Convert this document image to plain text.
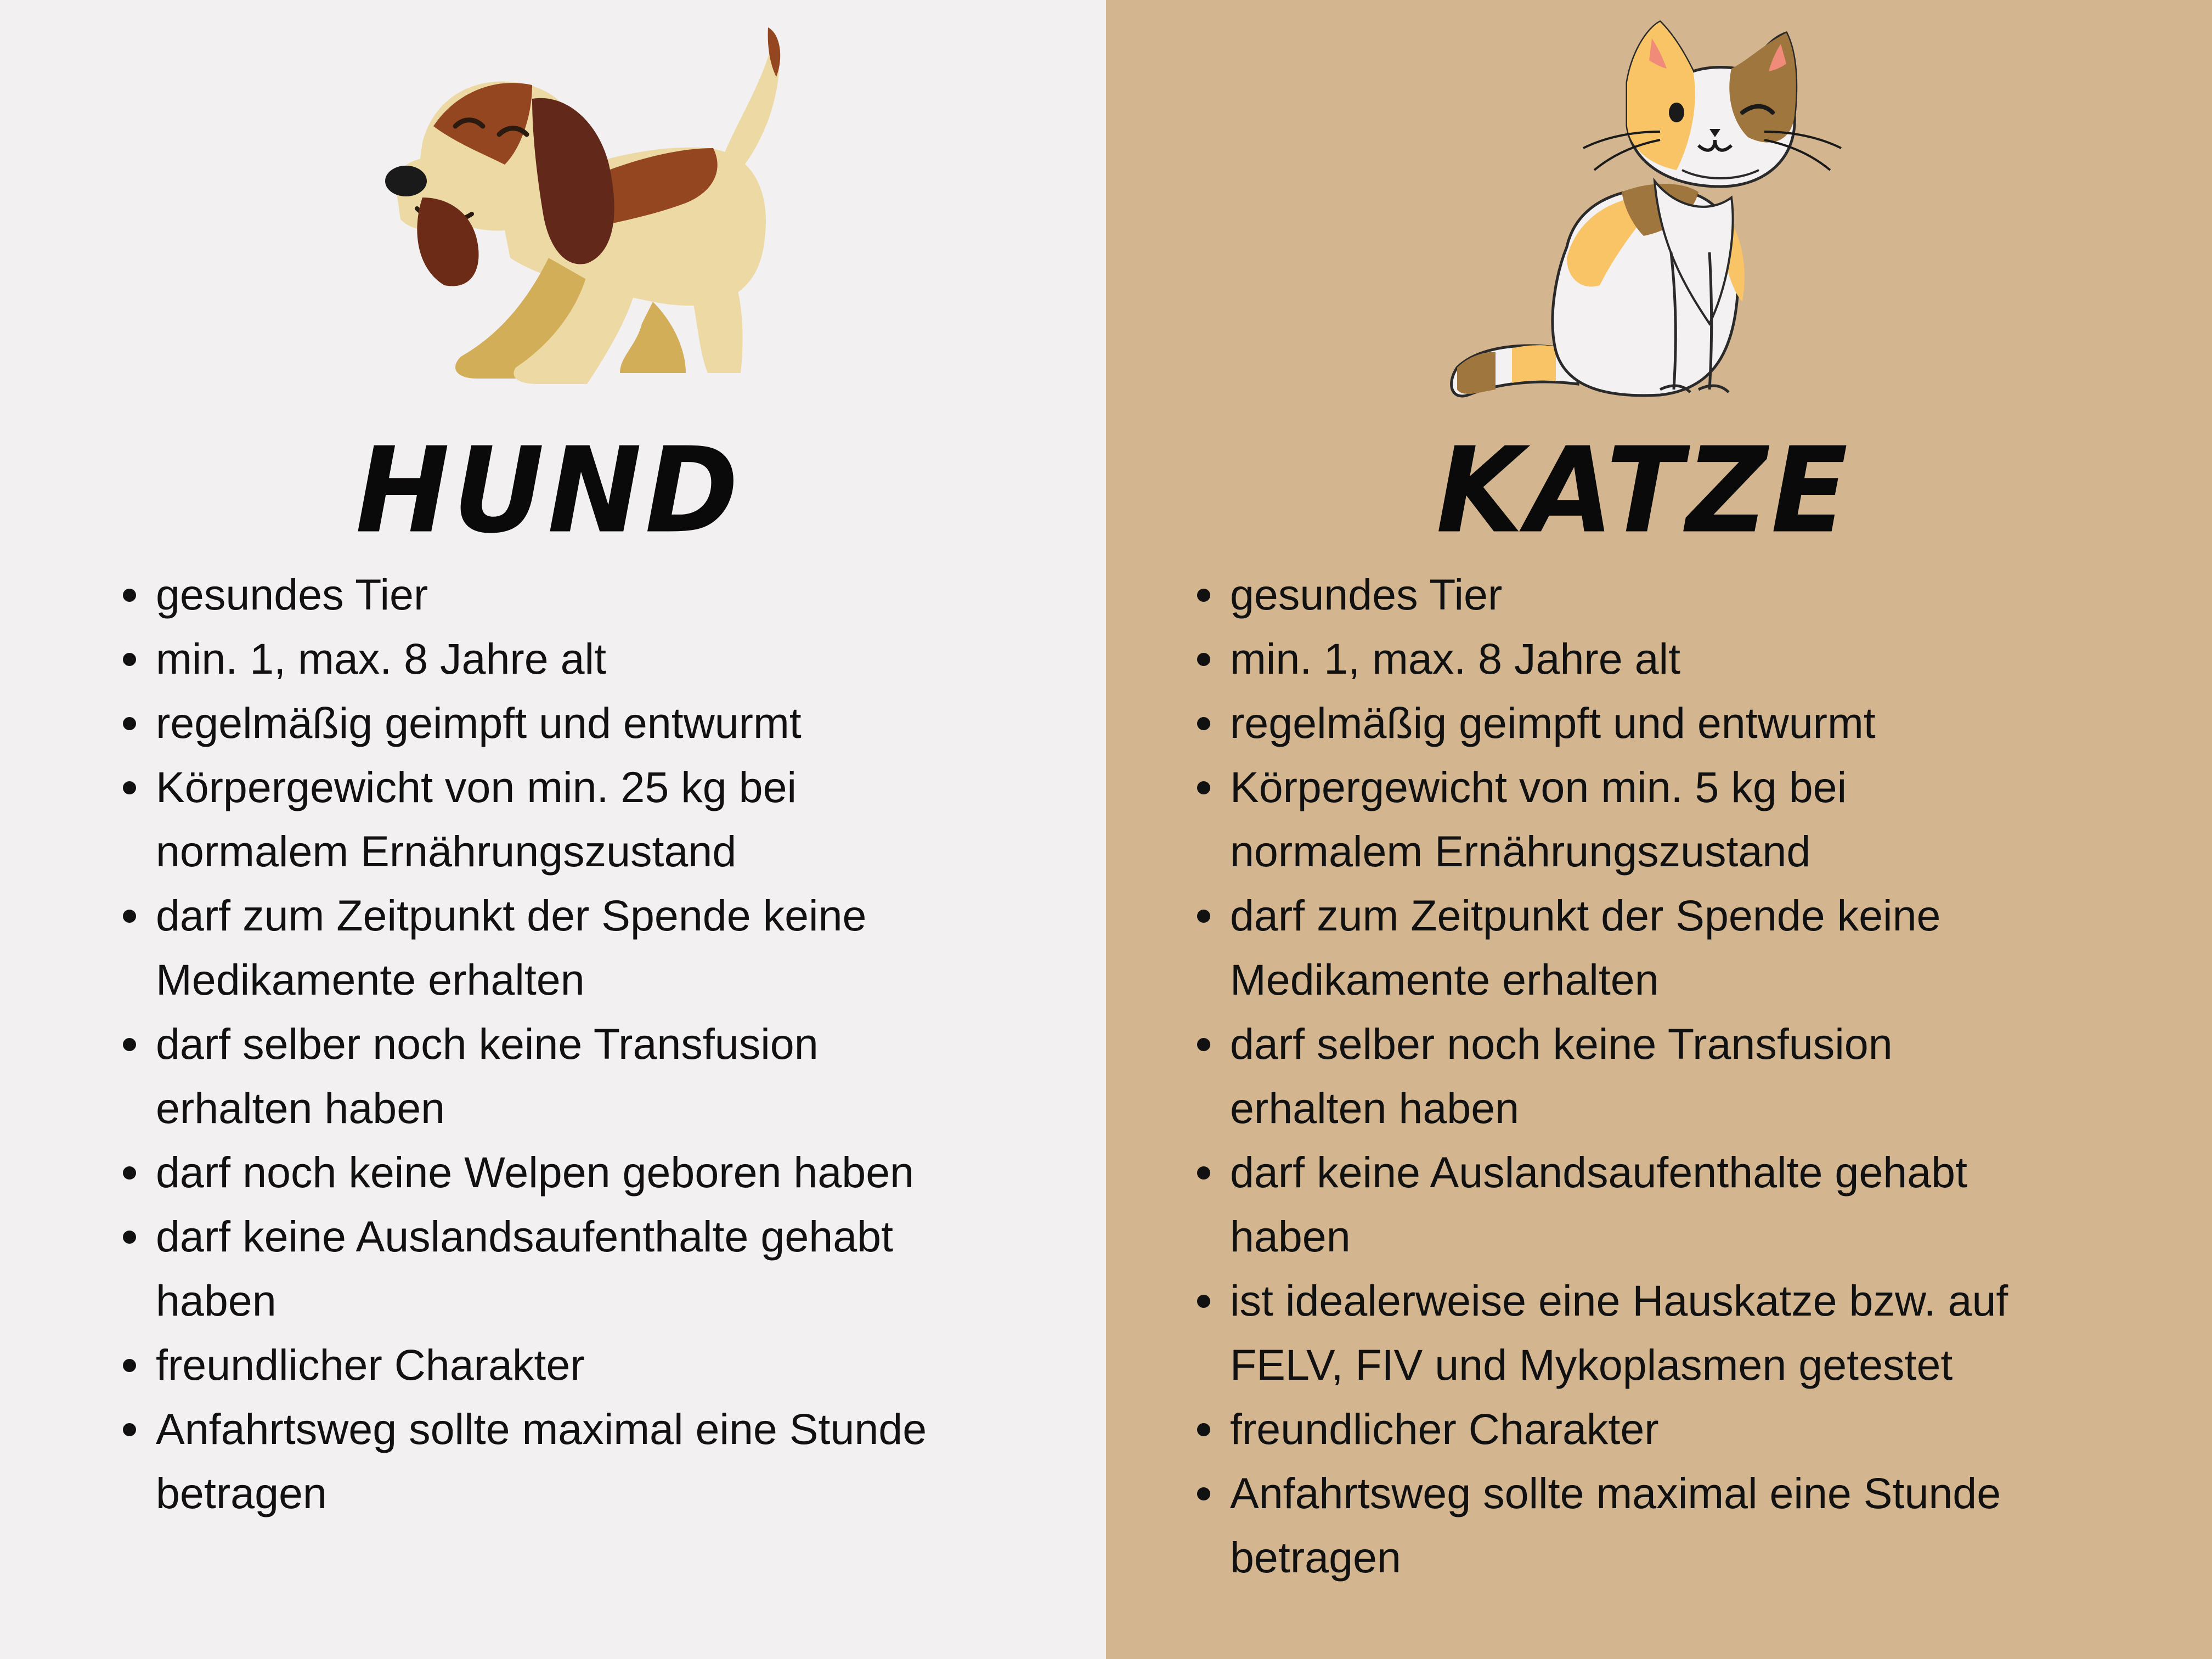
HUND
gesundes Tier
min. 1, max. 8 Jahre alt
regelmäßig geimpft und entwurmt
Körpergewicht von min. 25 kg bei normalem Ernährungszustand
darf zum Zeitpunkt der Spende keine Medikamente erhalten
darf selber noch keine Transfusion erhalten haben
darf noch keine Welpen geboren haben
darf keine Auslandsaufenthalte gehabt haben
freundlicher Charakter
Anfahrtsweg sollte maximal eine Stunde betragen
KATZE
gesundes Tier
min. 1, max. 8 Jahre alt
regelmäßig geimpft und entwurmt
Körpergewicht von min. 5 kg bei normalem Ernährungszustand
darf zum Zeitpunkt der Spende keine Medikamente erhalten
darf selber noch keine Transfusion erhalten haben
darf keine Auslandsaufenthalte gehabt haben
ist idealerweise eine Hauskatze bzw. auf FELV, FIV und Mykoplasmen getestet
freundlicher Charakter
Anfahrtsweg sollte maximal eine Stunde betragen
